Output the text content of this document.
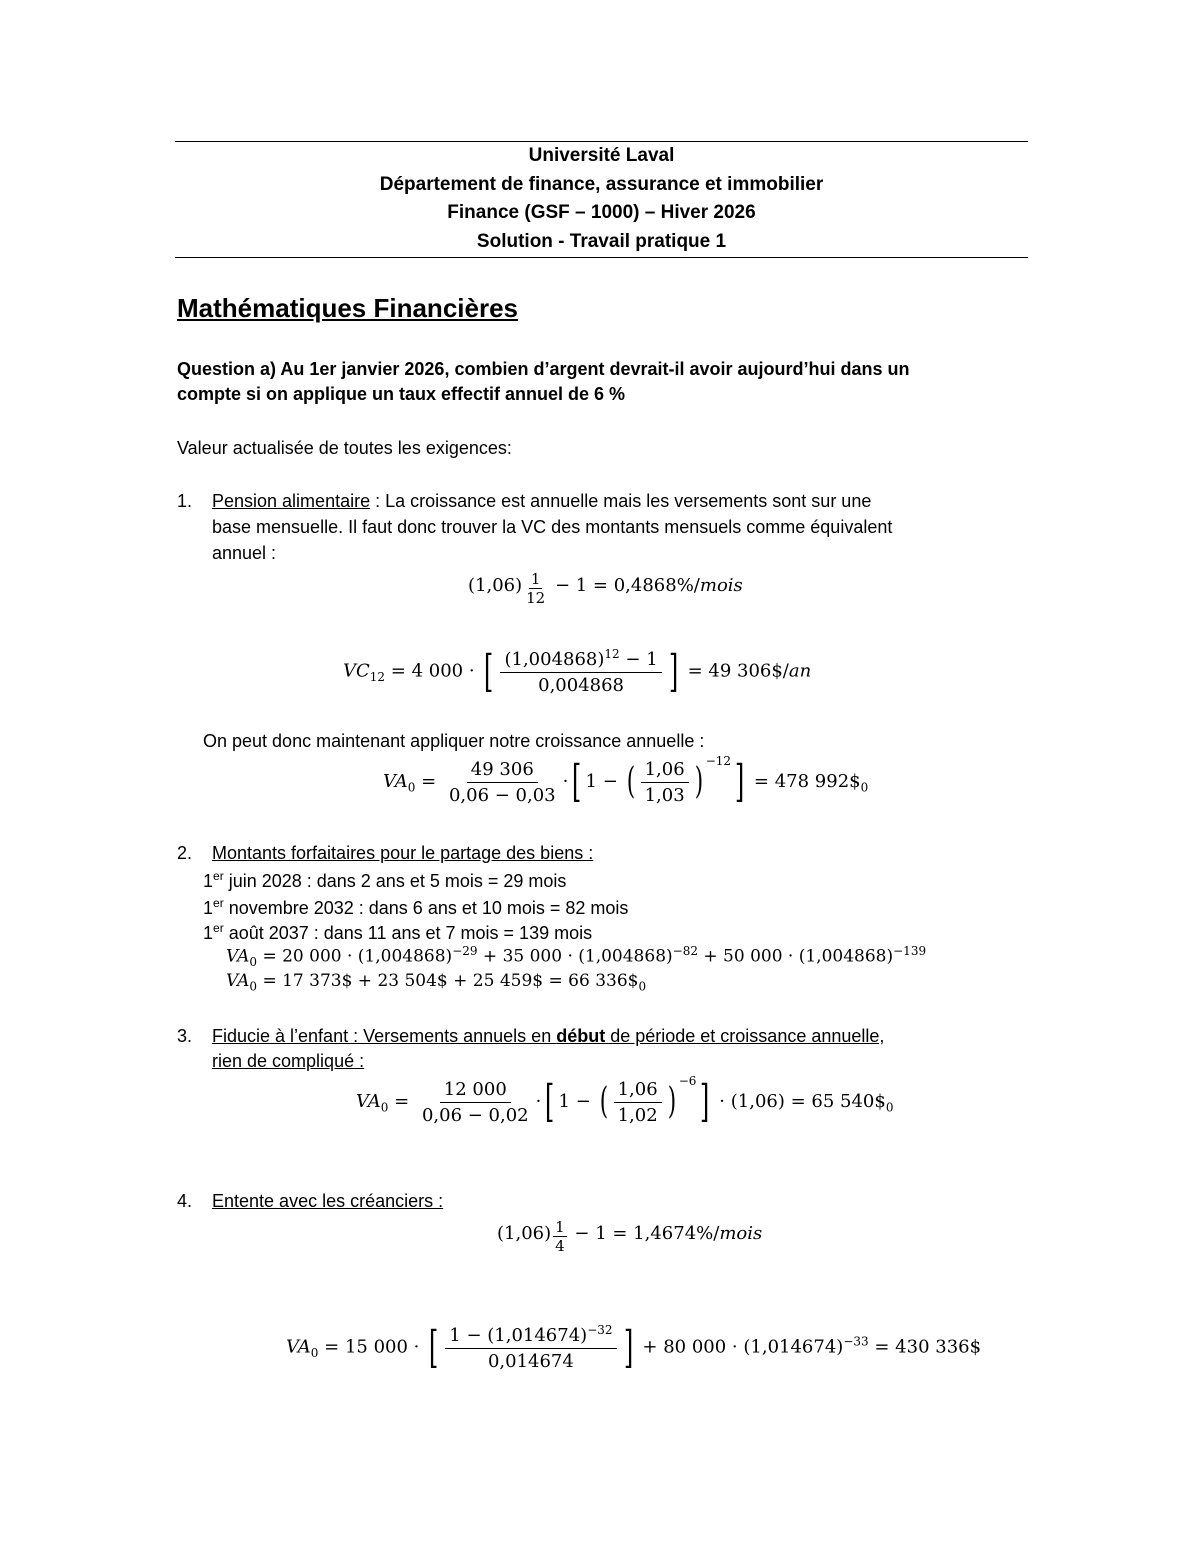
Université Laval
Département de finance, assurance et immobilier
Finance (GSF – 1000) – Hiver 2026
Solution - Travail pratique 1
Mathématiques Financières
Question a) Au 1er janvier 2026, combien d’argent devrait-il avoir aujourd’hui dans un
compte si on applique un taux effectif annuel de 6 %
Valeur actualisée de toutes les exigences:
1. Pension alimentaire : La croissance est annuelle mais les versements sont sur une
base mensuelle. Il faut donc trouver la VC des montants mensuels comme équivalent
annuel :
$(1,06) \frac{1}{12} - 1$ = 0,4868%/mois
$VC_{12} = 4$ 000 · [ $\frac{(1,004868)^{12} - 1}{0,004868}$ ] = 49 306$/an
On peut donc maintenant appliquer notre croissance annuelle :
$VA_0 = \frac{49 306}{0,06 - 0,03}$ ·[ 1 − ( $\frac{1,06}{1,03}$ ) $^{-12}$] = 478 $992\$_0$
2. Montants forfaitaires pour le partage des biens :
1er juin 2028 : dans 2 ans et 5 mois = 29 mois
1er novembre 2032 : dans 6 ans et 10 mois = 82 mois
1er août 2037 : dans 11 ans et 7 mois = 139 mois
$VA_0 = 20$ $000 \cdot (1,004868)^{-29} + 35$ $000 \cdot (1,004868)^{-82} + 50$ $000 \cdot (1,004868)^{-139}$
$VA_0 = 17$ 373$ + 23 504$ + 25 459$ = 66 $336\$_0$
3. Fiducie à l’enfant : Versements annuels en début de période et croissance annuelle,
rien de compliqué :
$VA_0 = \frac{12 000}{0,06 - 0,02}$ ·[ 1 − ( $\frac{1,06}{1,02}$ ) $^{-6}$] · (1,06) = 65 $540\$_0$
4. Entente avec les créanciers :
$(1,06) \frac{1}{4} - 1$ = 1,4674%/mois
$VA_0 = 15$ 000 · [ $\frac{1 - (1,014674)^{-32}}{0,014674}$ ] + 80 $000 \cdot (1,014674)^{-33} = 430$ 336$
